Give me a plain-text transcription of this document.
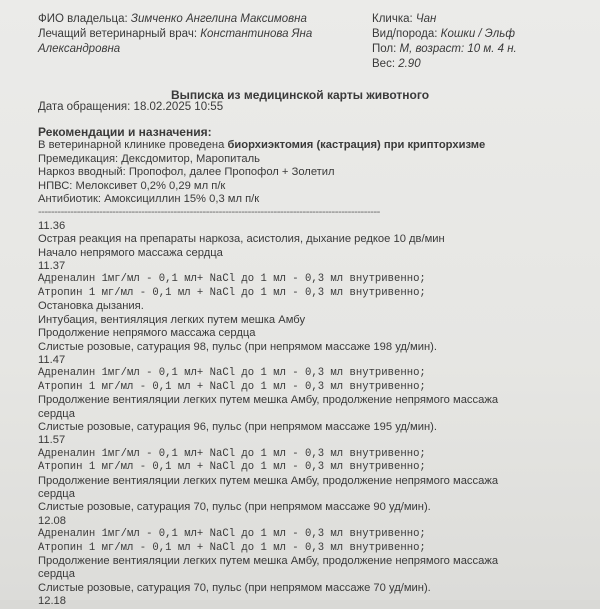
ФИО владельца: Зимченко Ангелина Максимовна
Лечащий ветеринарный врач: Константинова Яна
Александровна
Кличка: Чан
Вид/порода: Кошки / Эльф
Пол: М, возраст: 10 м. 4 н.
Вес: 2.90
Выписка из медицинской карты животного
Дата обращения: 18.02.2025 10:55
Рекомендации и назначения:
В ветеринарной клинике проведена биорхиэктомия (кастрация) при крипторхизме
Премедикация: Дексдомитор, Маропиталь
Наркоз вводный: Пропофол, далее Пропофол + Золетил
НПВС: Мелоксивет 0,2% 0,29 мл п/к
Антибиотик: Амоксициллин 15% 0,3 мл п/к
----------------------------------------------------------------------------------------------------------
11.36
Острая реакция на препараты наркоза, асистолия, дыхание редкое 10 дв/мин
Начало непрямого массажа сердца
11.37
Адреналин 1мг/мл - 0,1 мл+ NaCl до 1 мл - 0,3 мл внутривенно;
Атропин 1 мг/мл - 0,1 мл + NaCl до 1 мл - 0,3 мл внутривенно;
Остановка дызания.
Интубация, вентияляция легких путем мешка Амбу
Продолжение непрямого массажа сердца
Слистые розовые, сатурация 98, пульс (при непрямом массаже 198 уд/мин).
11.47
Адреналин 1мг/мл - 0,1 мл+ NaCl до 1 мл - 0,3 мл внутривенно;
Атропин 1 мг/мл - 0,1 мл + NaCl до 1 мл - 0,3 мл внутривенно;
Продолжение вентияляции легких путем мешка Амбу, продолжение непрямого массажа
сердца
Слистые розовые, сатурация 96, пульс (при непрямом массаже 195 уд/мин).
11.57
Адреналин 1мг/мл - 0,1 мл+ NaCl до 1 мл - 0,3 мл внутривенно;
Атропин 1 мг/мл - 0,1 мл + NaCl до 1 мл - 0,3 мл внутривенно;
Продолжение вентияляции легких путем мешка Амбу, продолжение непрямого массажа
сердца
Слистые розовые, сатурация 70, пульс (при непрямом массаже 90 уд/мин).
12.08
Адреналин 1мг/мл - 0,1 мл+ NaCl до 1 мл - 0,3 мл внутривенно;
Атропин 1 мг/мл - 0,1 мл + NaCl до 1 мл - 0,3 мл внутривенно;
Продолжение вентияляции легких путем мешка Амбу, продолжение непрямого массажа
сердца
Слистые розовые, сатурация 70, пульс (при непрямом массаже 70 уд/мин).
12.18
